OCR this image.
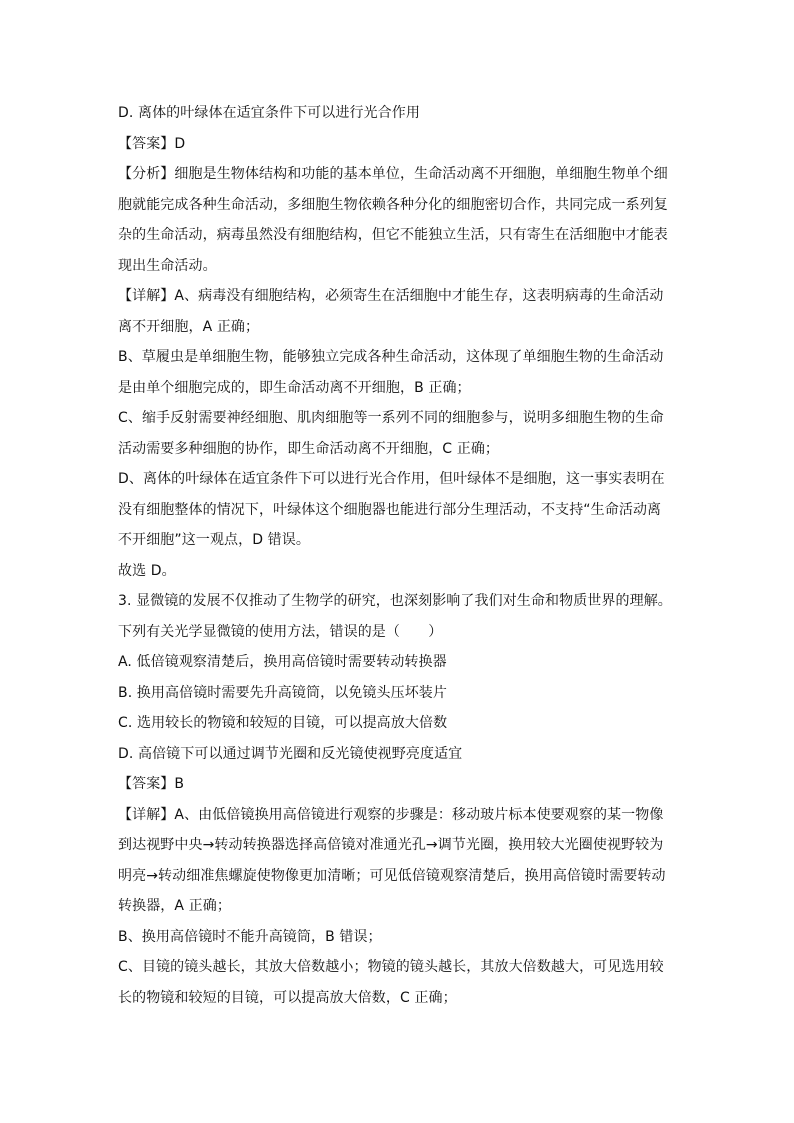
D. 离体的叶绿体在适宜条件下可以进行光合作用
【答案】D
【分析】细胞是生物体结构和功能的基本单位，生命活动离不开细胞，单细胞生物单个细
胞就能完成各种生命活动，多细胞生物依赖各种分化的细胞密切合作，共同完成一系列复
杂的生命活动，病毒虽然没有细胞结构，但它不能独立生活，只有寄生在活细胞中才能表
现出生命活动。
【详解】A、病毒没有细胞结构，必须寄生在活细胞中才能生存，这表明病毒的生命活动
离不开细胞，A 正确；
B、草履虫是单细胞生物，能够独立完成各种生命活动，这体现了单细胞生物的生命活动
是由单个细胞完成的，即生命活动离不开细胞，B 正确；
C、缩手反射需要神经细胞、肌肉细胞等一系列不同的细胞参与，说明多细胞生物的生命
活动需要多种细胞的协作，即生命活动离不开细胞，C 正确；
D、离体的叶绿体在适宜条件下可以进行光合作用，但叶绿体不是细胞，这一事实表明在
没有细胞整体的情况下，叶绿体这个细胞器也能进行部分生理活动，不支持“生命活动离
不开细胞”这一观点，D 错误。
故选 D。
3. 显微镜的发展不仅推动了生物学的研究，也深刻影响了我们对生命和物质世界的理解。
下列有关光学显微镜的使用方法，错误的是（　　）
A. 低倍镜观察清楚后，换用高倍镜时需要转动转换器
B. 换用高倍镜时需要先升高镜筒，以免镜头压坏装片
C. 选用较长的物镜和较短的目镜，可以提高放大倍数
D. 高倍镜下可以通过调节光圈和反光镜使视野亮度适宜
【答案】B
【详解】A、由低倍镜换用高倍镜进行观察的步骤是：移动玻片标本使要观察的某一物像
到达视野中央→转动转换器选择高倍镜对准通光孔→调节光圈，换用较大光圈使视野较为
明亮→转动细准焦螺旋使物像更加清晰；可见低倍镜观察清楚后，换用高倍镜时需要转动
转换器，A 正确；
B、换用高倍镜时不能升高镜筒，B 错误；
C、目镜的镜头越长，其放大倍数越小；物镜的镜头越长，其放大倍数越大，可见选用较
长的物镜和较短的目镜，可以提高放大倍数，C 正确；
